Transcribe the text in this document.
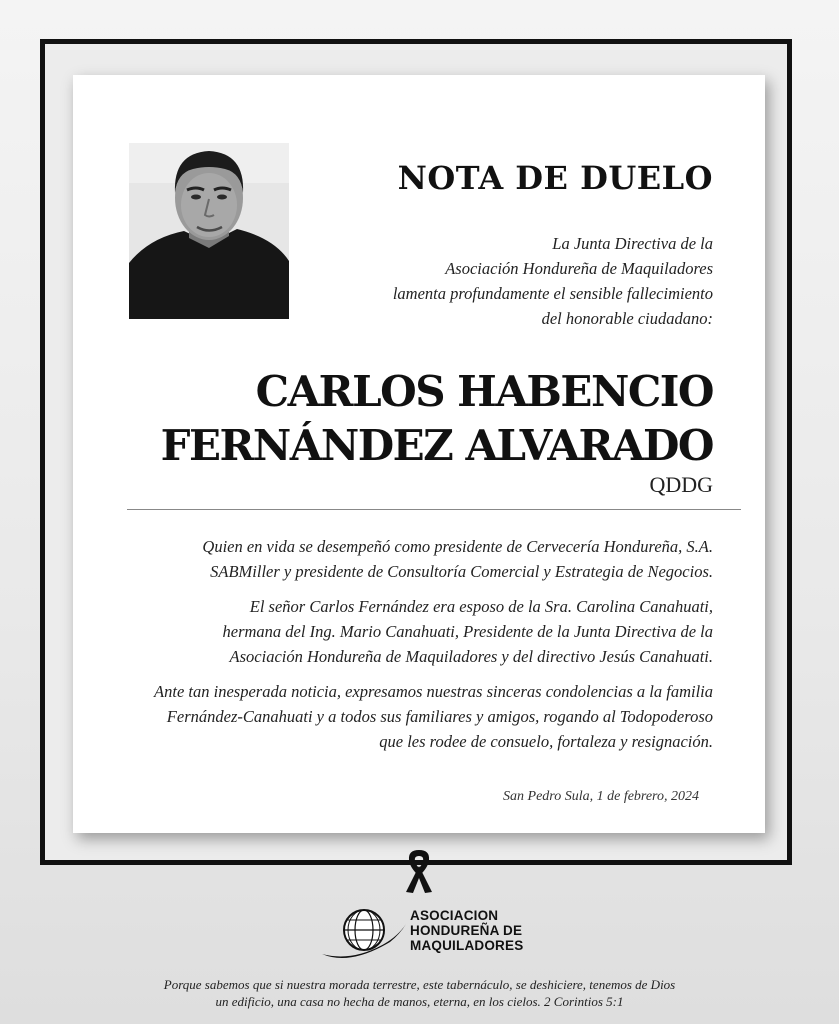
NOTA DE DUELO
La Junta Directiva de la
Asociación Hondureña de Maquiladores
lamenta profundamente el sensible fallecimiento
del honorable ciudadano:
CARLOS HABENCIO
FERNÁNDEZ ALVARADO
QDDG
Quien en vida se desempeñó como presidente de Cervecería Hondureña, S.A.
SABMiller y presidente de Consultoría Comercial y Estrategia de Negocios.
El señor Carlos Fernández era esposo de la Sra. Carolina Canahuati,
hermana del Ing. Mario Canahuati, Presidente de la Junta Directiva de la
Asociación Hondureña de Maquiladores y del directivo Jesús Canahuati.
Ante tan inesperada noticia, expresamos nuestras sinceras condolencias a la familia
Fernández-Canahuati y a todos sus familiares y amigos, rogando al Todopoderoso
que les rodee de consuelo, fortaleza y resignación.
San Pedro Sula, 1 de febrero, 2024
ASOCIACION
HONDUREÑA DE
MAQUILADORES
Porque sabemos que si nuestra morada terrestre, este tabernáculo, se deshiciere, tenemos de Dios
un edificio, una casa no hecha de manos, eterna, en los cielos. 2 Corintios 5:1
